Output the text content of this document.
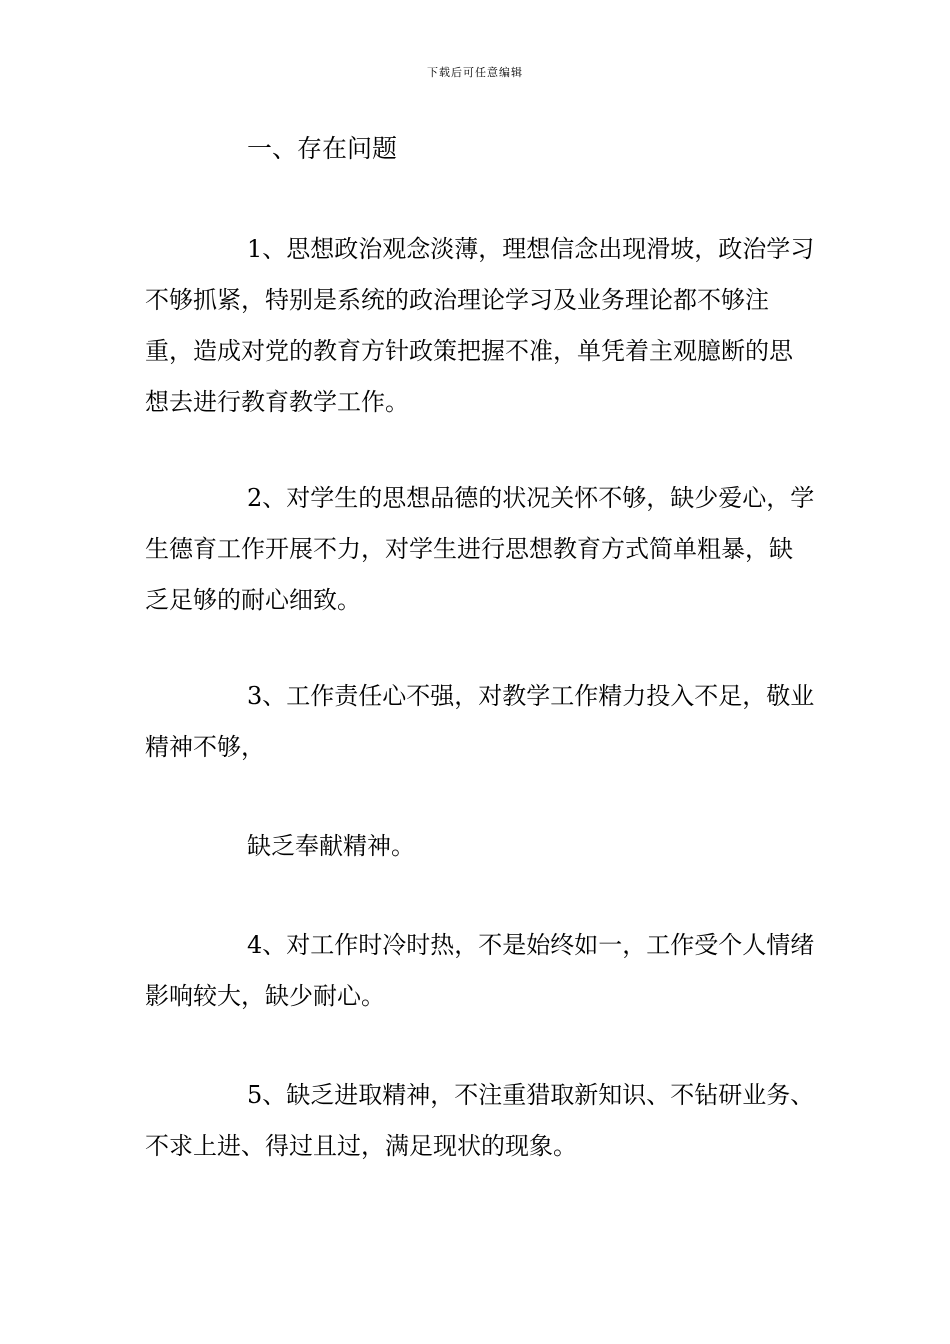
下载后可任意编辑
一、存在问题

1、思想政治观念淡薄，理想信念出现滑坡，政治学习不够抓紧，特别是系统的政治理论学习及业务理论都不够注重，造成对党的教育方针政策把握不准，单凭着主观臆断的思想去进行教育教学工作。

2、对学生的思想品德的状况关怀不够，缺少爱心，学生德育工作开展不力，对学生进行思想教育方式简单粗暴，缺乏足够的耐心细致。

3、工作责任心不强，对教学工作精力投入不足，敬业精神不够，

缺乏奉献精神。

4、对工作时冷时热，不是始终如一，工作受个人情绪影响较大，缺少耐心。

5、缺乏进取精神，不注重猎取新知识、不钻研业务、不求上进、得过且过，满足现状的现象。
